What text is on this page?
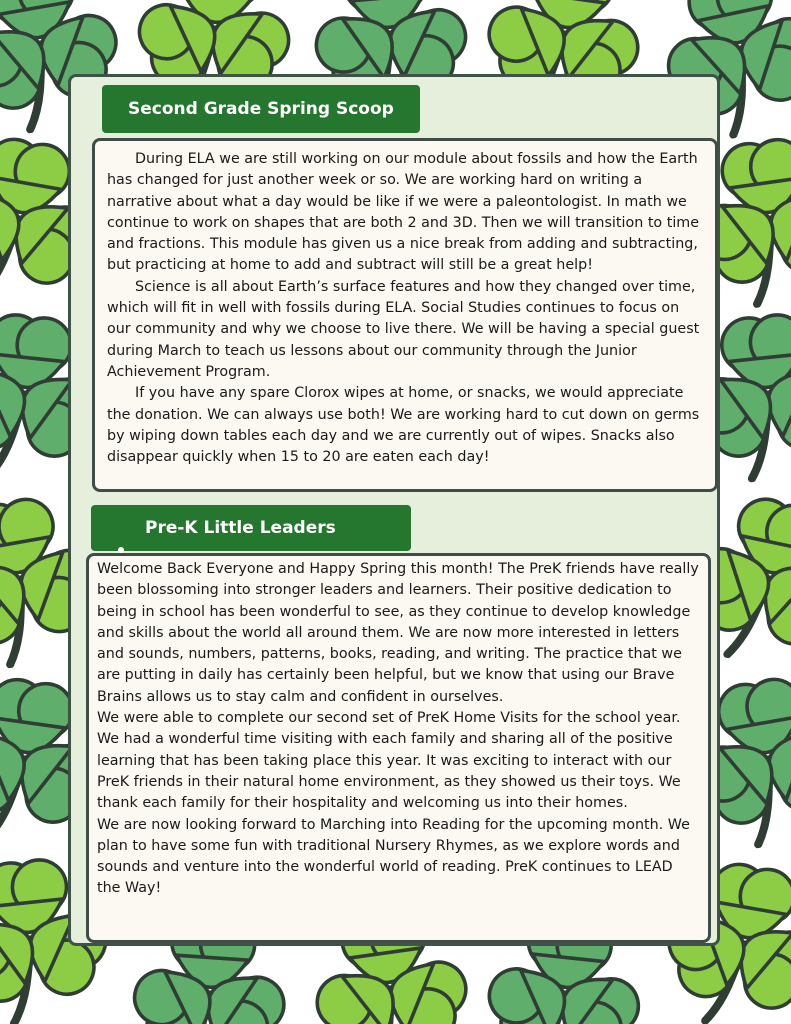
Second Grade Spring Scoop

During ELA we are still working on our module about fossils and how the Earth has changed for just another week or so. We are working hard on writing a narrative about what a day would be like if we were a paleontologist. In math we continue to work on shapes that are both 2 and 3D. Then we will transition to time and fractions. This module has given us a nice break from adding and subtracting, but practicing at home to add and subtract will still be a great help!

Science is all about Earth’s surface features and how they changed over time, which will fit in well with fossils during ELA. Social Studies continues to focus on our community and why we choose to live there. We will be having a special guest during March to teach us lessons about our community through the Junior Achievement Program.

If you have any spare Clorox wipes at home, or snacks, we would appreciate the donation. We can always use both! We are working hard to cut down on germs by wiping down tables each day and we are currently out of wipes. Snacks also disappear quickly when 15 to 20 are eaten each day!

Pre-K Little Leaders

Welcome Back Everyone and Happy Spring this month! The PreK friends have really been blossoming into stronger leaders and learners. Their positive dedication to being in school has been wonderful to see, as they continue to develop knowledge and skills about the world all around them. We are now more interested in letters and sounds, numbers, patterns, books, reading, and writing. The practice that we are putting in daily has certainly been helpful, but we know that using our Brave Brains allows us to stay calm and confident in ourselves.

We were able to complete our second set of PreK Home Visits for the school year. We had a wonderful time visiting with each family and sharing all of the positive learning that has been taking place this year. It was exciting to interact with our PreK friends in their natural home environment, as they showed us their toys. We thank each family for their hospitality and welcoming us into their homes.

We are now looking forward to Marching into Reading for the upcoming month. We plan to have some fun with traditional Nursery Rhymes, as we explore words and sounds and venture into the wonderful world of reading. PreK continues to LEAD the Way!
